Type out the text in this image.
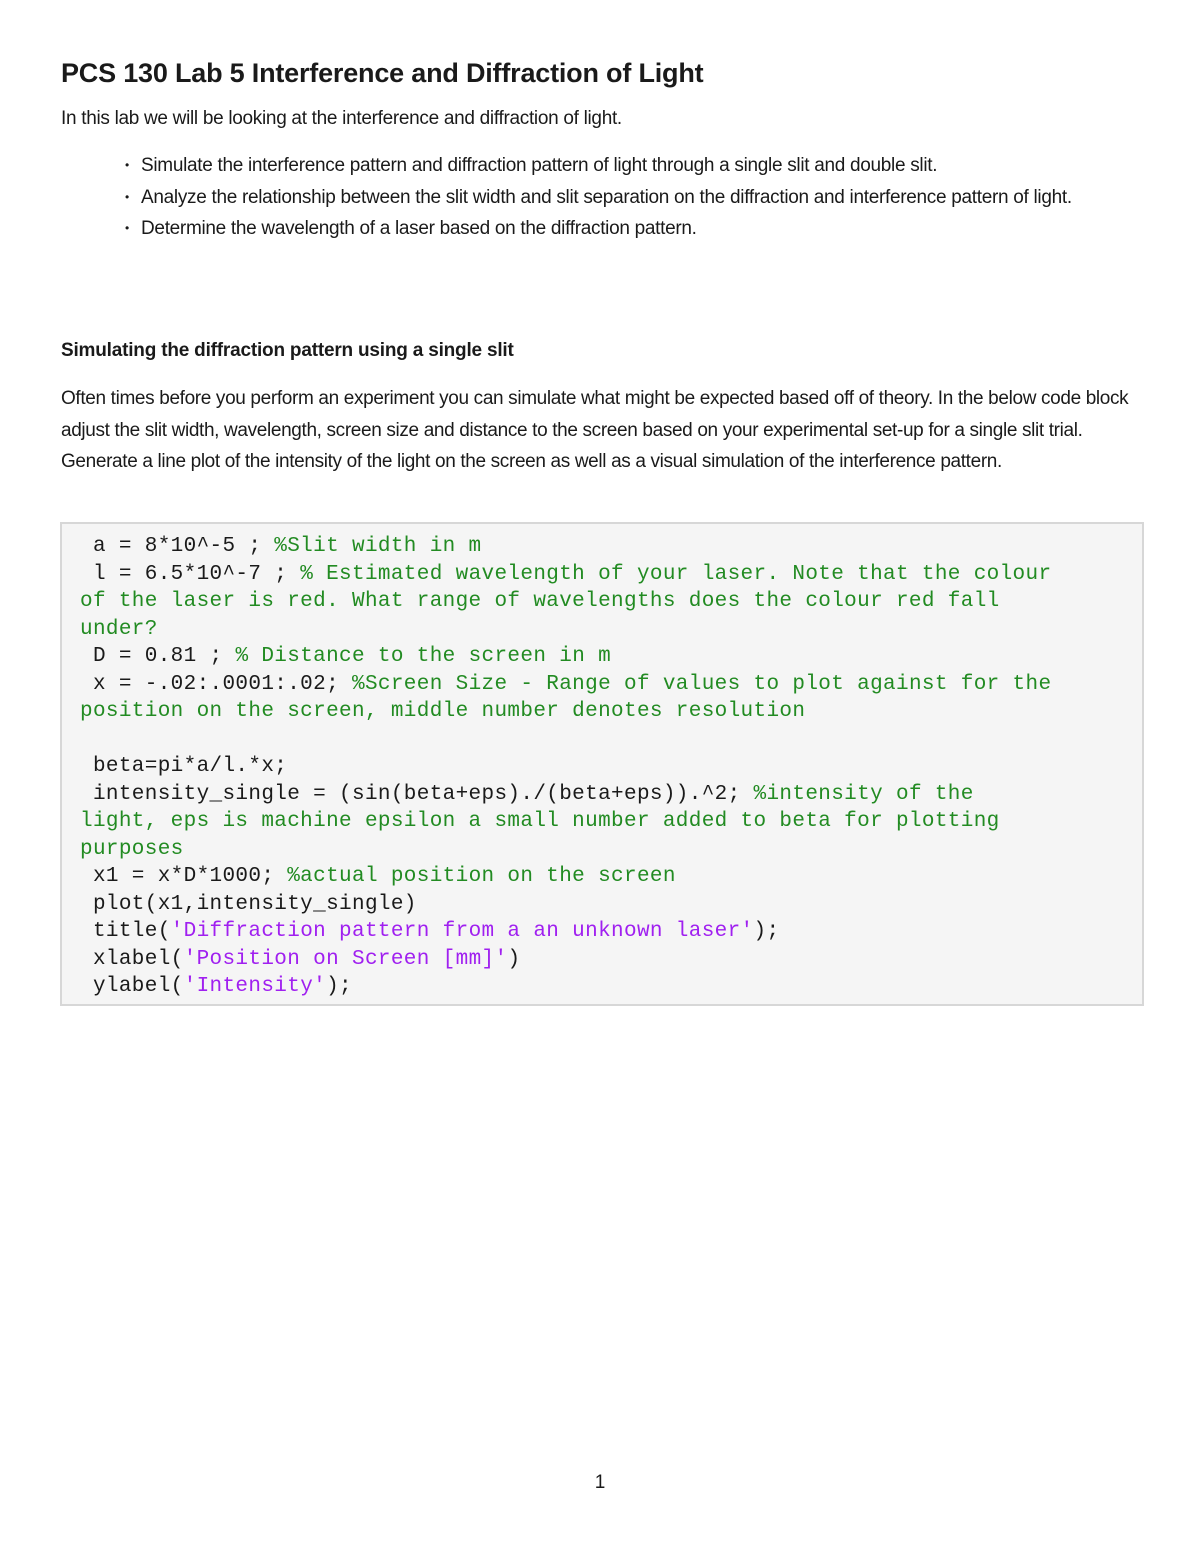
PCS 130 Lab 5 Interference and Diffraction of Light

In this lab we will be looking at the interference and diffraction of light.

• Simulate the interference pattern and diffraction pattern of light through a single slit and double slit.
• Analyze the relationship between the slit width and slit separation on the diffraction and interference pattern of light.
• Determine the wavelength of a laser based on the diffraction pattern.
Simulating the diffraction pattern using a single slit

Often times before you perform an experiment you can simulate what might be expected based off of theory. In the below code block adjust the slit width, wavelength, screen size and distance to the screen based on your experimental set-up for a single slit trial. Generate a line plot of the intensity of the light on the screen as well as a visual simulation of the interference pattern.

a = 8*10^-5 ; %Slit width in m
l = 6.5*10^-7 ; % Estimated wavelength of your laser. Note that the colour
of the laser is red. What range of wavelengths does the colour red fall
under?
D = 0.81 ; % Distance to the screen in m
x = -.02:.0001:.02; %Screen Size - Range of values to plot against for the
position on the screen, middle number denotes resolution

beta=pi*a/l.*x;
intensity_single = (sin(beta+eps)./(beta+eps)).^2; %intensity of the
light, eps is machine epsilon a small number added to beta for plotting
purposes
x1 = x*D*1000; %actual position on the screen
plot(x1,intensity_single)
title('Diffraction pattern from a an unknown laser');
xlabel('Position on Screen [mm]')
ylabel('Intensity');
1
